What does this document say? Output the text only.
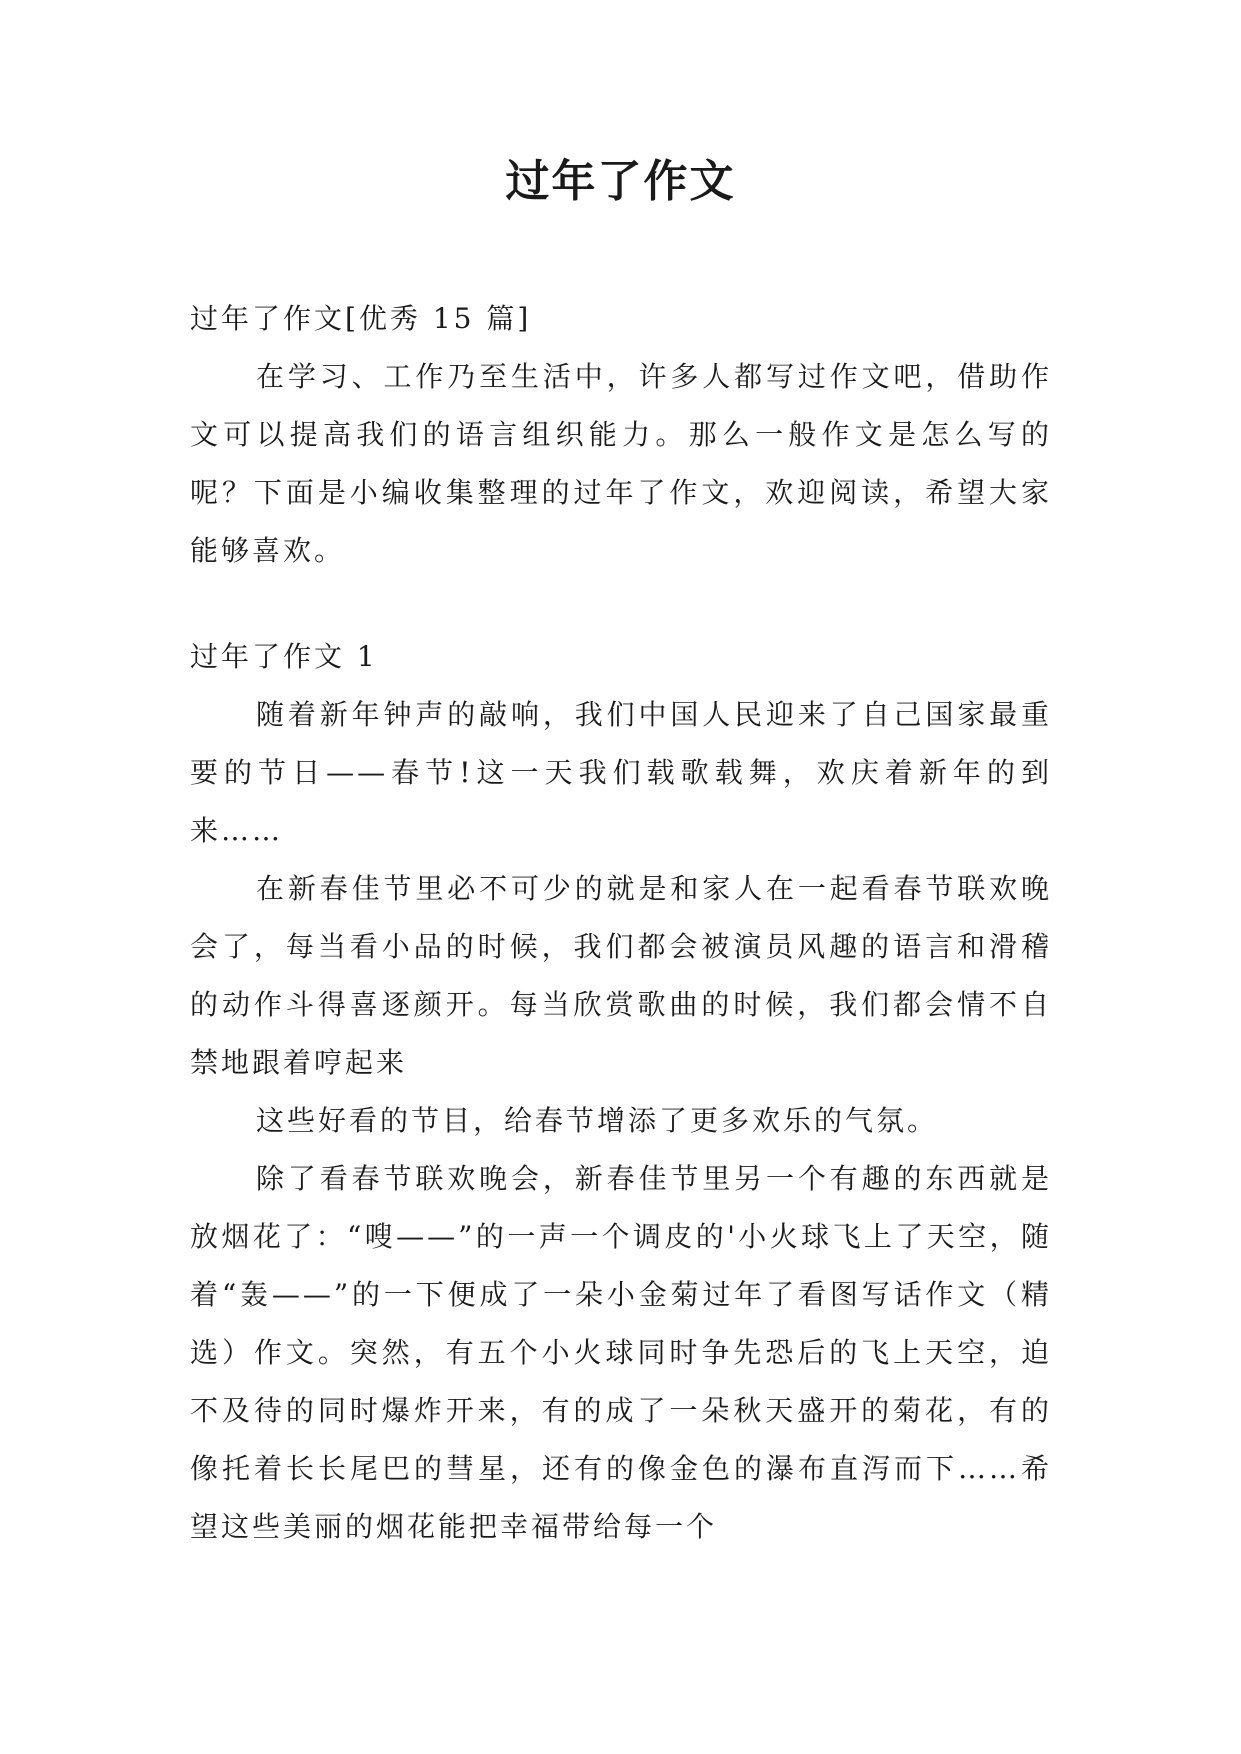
过年了作文

过年了作文[优秀 15 篇]

在学习、工作乃至生活中，许多人都写过作文吧，借助作文可以提高我们的语言组织能力。那么一般作文是怎么写的呢？下面是小编收集整理的过年了作文，欢迎阅读，希望大家能够喜欢。

过年了作文 1

随着新年钟声的敲响，我们中国人民迎来了自己国家最重要的节日——春节!这一天我们载歌载舞，欢庆着新年的到来……

在新春佳节里必不可少的就是和家人在一起看春节联欢晚会了，每当看小品的时候，我们都会被演员风趣的语言和滑稽的动作斗得喜逐颜开。每当欣赏歌曲的时候，我们都会情不自禁地跟着哼起来

这些好看的节目，给春节增添了更多欢乐的气氛。

除了看春节联欢晚会，新春佳节里另一个有趣的东西就是放烟花了：“嗖——”的一声一个调皮的'小火球飞上了天空，随着“轰——”的一下便成了一朵小金菊过年了看图写话作文（精选）作文。突然，有五个小火球同时争先恐后的飞上天空，迫不及待的同时爆炸开来，有的成了一朵秋天盛开的菊花，有的像托着长长尾巴的彗星，还有的像金色的瀑布直泻而下……希望这些美丽的烟花能把幸福带给每一个
